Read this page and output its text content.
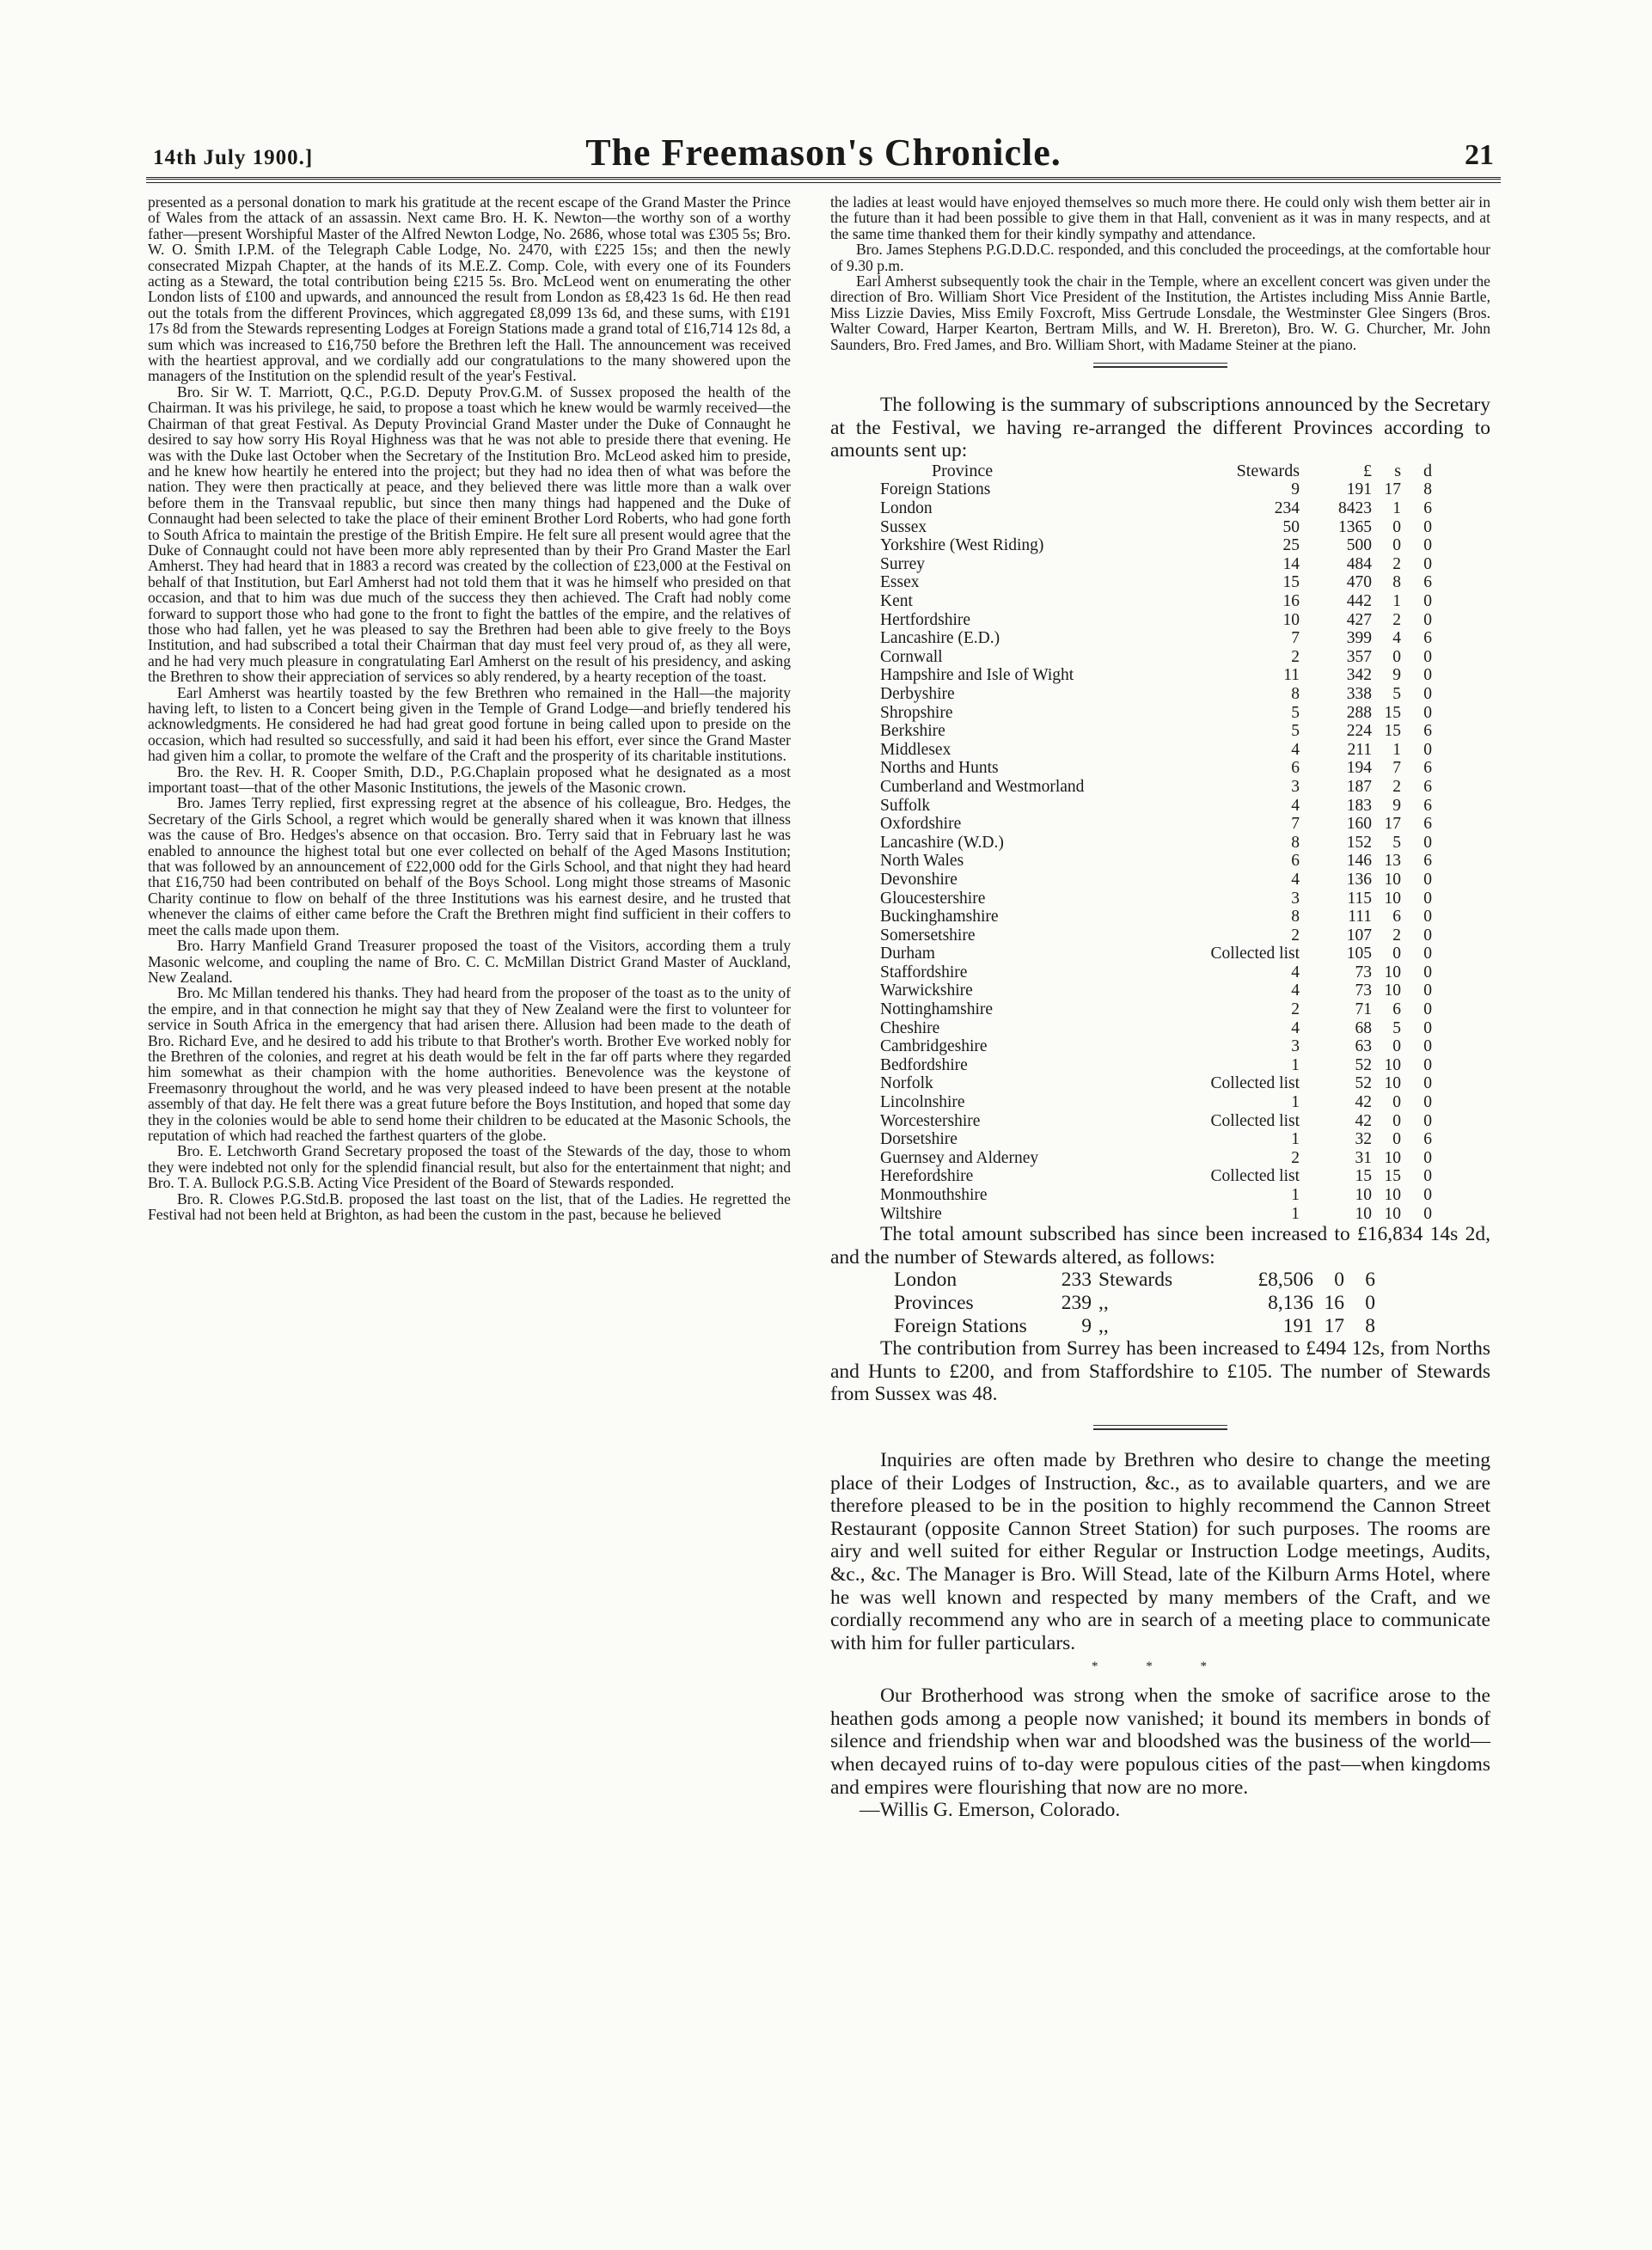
14th July 1900.]	The Freemason's Chronicle.	21

presented as a personal donation to mark his gratitude at the recent escape of the Grand Master the Prince of Wales from the attack of an assassin. Next came Bro. H. K. Newton—the worthy son of a worthy father—present Worshipful Master of the Alfred Newton Lodge, No. 2686, whose total was £305 5s; Bro. W. O. Smith I.P.M. of the Telegraph Cable Lodge, No. 2470, with £225 15s; and then the newly consecrated Mizpah Chapter, at the hands of its M.E.Z. Comp. Cole, with every one of its Founders acting as a Steward, the total contribution being £215 5s. Bro. McLeod went on enumerating the other London lists of £100 and upwards, and announced the result from London as £8,423 1s 6d. He then read out the totals from the different Provinces, which aggregated £8,099 13s 6d, and these sums, with £191 17s 8d from the Stewards representing Lodges at Foreign Stations made a grand total of £16,714 12s 8d, a sum which was increased to £16,750 before the Brethren left the Hall. The announcement was received with the heartiest approval, and we cordially add our congratulations to the many showered upon the managers of the Institution on the splendid result of the year's Festival.

Bro. Sir W. T. Marriott, Q.C., P.G.D. Deputy Prov.G.M. of Sussex proposed the health of the Chairman. It was his privilege, he said, to propose a toast which he knew would be warmly received—the Chairman of that great Festival. As Deputy Provincial Grand Master under the Duke of Connaught he desired to say how sorry His Royal Highness was that he was not able to preside there that evening. He was with the Duke last October when the Secretary of the Institution Bro. McLeod asked him to preside, and he knew how heartily he entered into the project; but they had no idea then of what was before the nation. They were then practically at peace, and they believed there was little more than a walk over before them in the Transvaal republic, but since then many things had happened and the Duke of Connaught had been selected to take the place of their eminent Brother Lord Roberts, who had gone forth to South Africa to maintain the prestige of the British Empire. He felt sure all present would agree that the Duke of Connaught could not have been more ably represented than by their Pro Grand Master the Earl Amherst. They had heard that in 1883 a record was created by the collection of £23,000 at the Festival on behalf of that Institution, but Earl Amherst had not told them that it was he himself who presided on that occasion, and that to him was due much of the success they then achieved. The Craft had nobly come forward to support those who had gone to the front to fight the battles of the empire, and the relatives of those who had fallen, yet he was pleased to say the Brethren had been able to give freely to the Boys Institution, and had subscribed a total their Chairman that day must feel very proud of, as they all were, and he had very much pleasure in congratulating Earl Amherst on the result of his presidency, and asking the Brethren to show their appreciation of services so ably rendered, by a hearty reception of the toast.

Earl Amherst was heartily toasted by the few Brethren who remained in the Hall—the majority having left, to listen to a Concert being given in the Temple of Grand Lodge—and briefly tendered his acknowledgments. He considered he had had great good fortune in being called upon to preside on the occasion, which had resulted so successfully, and said it had been his effort, ever since the Grand Master had given him a collar, to promote the welfare of the Craft and the prosperity of its charitable institutions.

Bro. the Rev. H. R. Cooper Smith, D.D., P.G.Chaplain proposed what he designated as a most important toast—that of the other Masonic Institutions, the jewels of the Masonic crown.

Bro. James Terry replied, first expressing regret at the absence of his colleague, Bro. Hedges, the Secretary of the Girls School, a regret which would be generally shared when it was known that illness was the cause of Bro. Hedges's absence on that occasion. Bro. Terry said that in February last he was enabled to announce the highest total but one ever collected on behalf of the Aged Masons Institution; that was followed by an announcement of £22,000 odd for the Girls School, and that night they had heard that £16,750 had been contributed on behalf of the Boys School. Long might those streams of Masonic Charity continue to flow on behalf of the three Institutions was his earnest desire, and he trusted that whenever the claims of either came before the Craft the Brethren might find sufficient in their coffers to meet the calls made upon them.

Bro. Harry Manfield Grand Treasurer proposed the toast of the Visitors, according them a truly Masonic welcome, and coupling the name of Bro. C. C. McMillan District Grand Master of Auckland, New Zealand.

Bro. Mc Millan tendered his thanks. They had heard from the proposer of the toast as to the unity of the empire, and in that connection he might say that they of New Zealand were the first to volunteer for service in South Africa in the emergency that had arisen there. Allusion had been made to the death of Bro. Richard Eve, and he desired to add his tribute to that Brother's worth. Brother Eve worked nobly for the Brethren of the colonies, and regret at his death would be felt in the far off parts where they regarded him somewhat as their champion with the home authorities. Benevolence was the keystone of Freemasonry throughout the world, and he was very pleased indeed to have been present at the notable assembly of that day. He felt there was a great future before the Boys Institution, and hoped that some day they in the colonies would be able to send home their children to be educated at the Masonic Schools, the reputation of which had reached the farthest quarters of the globe.

Bro. E. Letchworth Grand Secretary proposed the toast of the Stewards of the day, those to whom they were indebted not only for the splendid financial result, but also for the entertainment that night; and Bro. T. A. Bullock P.G.S.B. Acting Vice President of the Board of Stewards responded.

Bro. R. Clowes P.G.Std.B. proposed the last toast on the list, that of the Ladies. He regretted the Festival had not been held at Brighton, as had been the custom in the past, because he believed

the ladies at least would have enjoyed themselves so much more there. He could only wish them better air in the future than it had been possible to give them in that Hall, convenient as it was in many respects, and at the same time thanked them for their kindly sympathy and attendance.

Bro. James Stephens P.G.D.D.C. responded, and this concluded the proceedings, at the comfortable hour of 9.30 p.m.

Earl Amherst subsequently took the chair in the Temple, where an excellent concert was given under the direction of Bro. William Short Vice President of the Institution, the Artistes including Miss Annie Bartle, Miss Lizzie Davies, Miss Emily Foxcroft, Miss Gertrude Lonsdale, the Westminster Glee Singers (Bros. Walter Coward, Harper Kearton, Bertram Mills, and W. H. Brereton), Bro. W. G. Churcher, Mr. John Saunders, Bro. Fred James, and Bro. William Short, with Madame Steiner at the piano.

The following is the summary of subscriptions announced by the Secretary at the Festival, we having re-arranged the different Provinces according to amounts sent up:

Province	Stewards	£	s	d
Foreign Stations	9	191	17	8
London	234	8423	1	6
Sussex	50	1365	0	0
Yorkshire (West Riding)	25	500	0	0
Surrey	14	484	2	0
Essex	15	470	8	6
Kent	16	442	1	0
Hertfordshire	10	427	2	0
Lancashire (E.D.)	7	399	4	6
Cornwall	2	357	0	0
Hampshire and Isle of Wight	11	342	9	0
Derbyshire	8	338	5	0
Shropshire	5	288	15	0
Berkshire	5	224	15	6
Middlesex	4	211	1	0
Norths and Hunts	6	194	7	6
Cumberland and Westmorland	3	187	2	6
Suffolk	4	183	9	6
Oxfordshire	7	160	17	6
Lancashire (W.D.)	8	152	5	0
North Wales	6	146	13	6
Devonshire	4	136	10	0
Gloucestershire	3	115	10	0
Buckinghamshire	8	111	6	0
Somersetshire	2	107	2	0
Durham	Collected list	105	0	0
Staffordshire	4	73	10	0
Warwickshire	4	73	10	0
Nottinghamshire	2	71	6	0
Cheshire	4	68	5	0
Cambridgeshire	3	63	0	0
Bedfordshire	1	52	10	0
Norfolk	Collected list	52	10	0
Lincolnshire	1	42	0	0
Worcestershire	Collected list	42	0	0
Dorsetshire	1	32	0	6
Guernsey and Alderney	2	31	10	0
Herefordshire	Collected list	15	15	0
Monmouthshire	1	10	10	0
Wiltshire	1	10	10	0

The total amount subscribed has since been increased to £16,834 14s 2d, and the number of Stewards altered, as follows:

London	233	Stewards	£8,506	0	6
Provinces	239	,,	8,136	16	0
Foreign Stations	9	,,	191	17	8

The contribution from Surrey has been increased to £494 12s, from Norths and Hunts to £200, and from Staffordshire to £105. The number of Stewards from Sussex was 48.

Inquiries are often made by Brethren who desire to change the meeting place of their Lodges of Instruction, &c., as to available quarters, and we are therefore pleased to be in the position to highly recommend the Cannon Street Restaurant (opposite Cannon Street Station) for such purposes. The rooms are airy and well suited for either Regular or Instruction Lodge meetings, Audits, &c., &c. The Manager is Bro. Will Stead, late of the Kilburn Arms Hotel, where he was well known and respected by many members of the Craft, and we cordially recommend any who are in search of a meeting place to communicate with him for fuller particulars.

* * *

Our Brotherhood was strong when the smoke of sacrifice arose to the heathen gods among a people now vanished; it bound its members in bonds of silence and friendship when war and bloodshed was the business of the world—when decayed ruins of to-day were populous cities of the past—when kingdoms and empires were flourishing that now are no more.

—Willis G. Emerson, Colorado.
